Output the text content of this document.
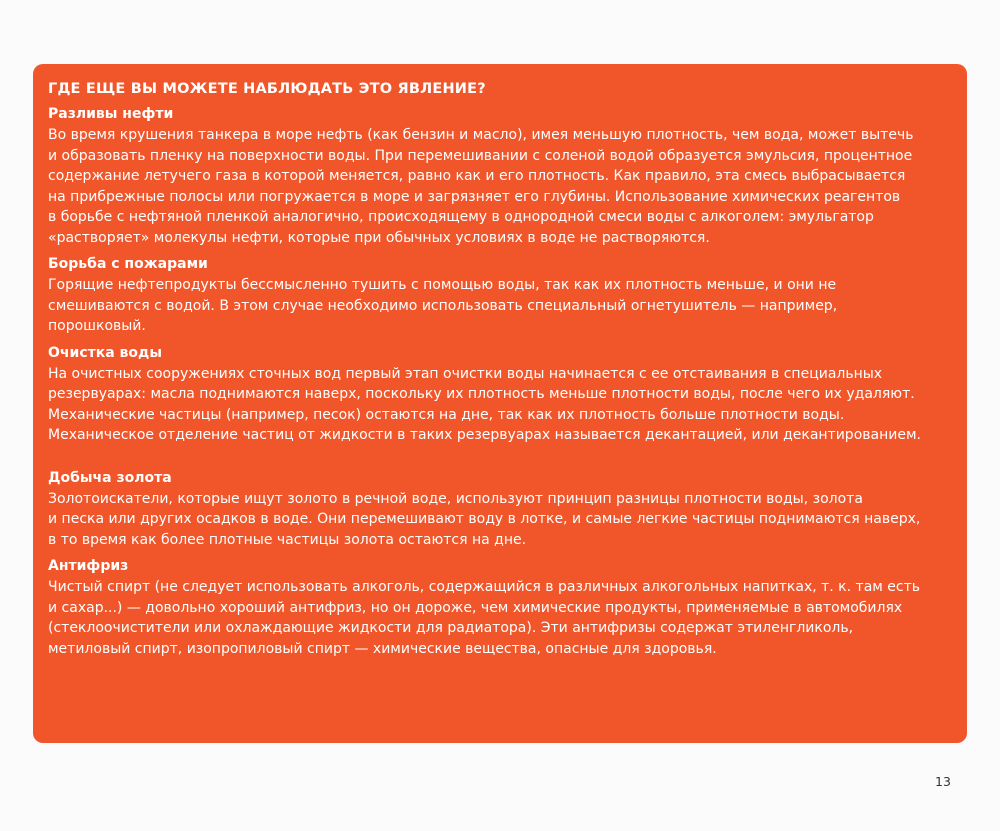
ГДЕ ЕЩЕ ВЫ МОЖЕТЕ НАБЛЮДАТЬ ЭТО ЯВЛЕНИЕ?
Разливы нефти

Во время крушения танкера в море нефть (как бензин и масло), имея меньшую плотность, чем вода, может вытечь
и образовать пленку на поверхности воды. При перемешивании с соленой водой образуется эмульсия, процентное
содержание летучего газа в которой меняется, равно как и его плотность. Как правило, эта смесь выбрасывается
на прибрежные полосы или погружается в море и загрязняет его глубины. Использование химических реагентов
в борьбе с нефтяной пленкой аналогично, происходящему в однородной смеси воды с алкоголем: эмульгатор
«растворяет» молекулы нефти, которые при обычных условиях в воде не растворяются.

Борьба с пожарами

Горящие нефтепродукты бессмысленно тушить с помощью воды, так как их плотность меньше, и они не
смешиваются с водой. В этом случае необходимо использовать специальный огнетушитель — например,
порошковый.

Очистка воды

На очистных сооружениях сточных вод первый этап очистки воды начинается с ее отстаивания в специальных
резервуарах: масла поднимаются наверх, поскольку их плотность меньше плотности воды, после чего их удаляют.
Механические частицы (например, песок) остаются на дне, так как их плотность больше плотности воды.
Механическое отделение частиц от жидкости в таких резервуарах называется декантацией, или декантированием.

Добыча золота

Золотоискатели, которые ищут золото в речной воде, используют принцип разницы плотности воды, золота
и песка или других осадков в воде. Они перемешивают воду в лотке, и самые легкие частицы поднимаются наверх,
в то время как более плотные частицы золота остаются на дне.

Антифриз

Чистый спирт (не следует использовать алкоголь, содержащийся в различных алкогольных напитках, т. к. там есть
и сахар...) — довольно хороший антифриз, но он дороже, чем химические продукты, применяемые в автомобилях
(стеклоочистители или охлаждающие жидкости для радиатора). Эти антифризы содержат этиленгликоль,
метиловый спирт, изопропиловый спирт — химические вещества, опасные для здоровья.

13
